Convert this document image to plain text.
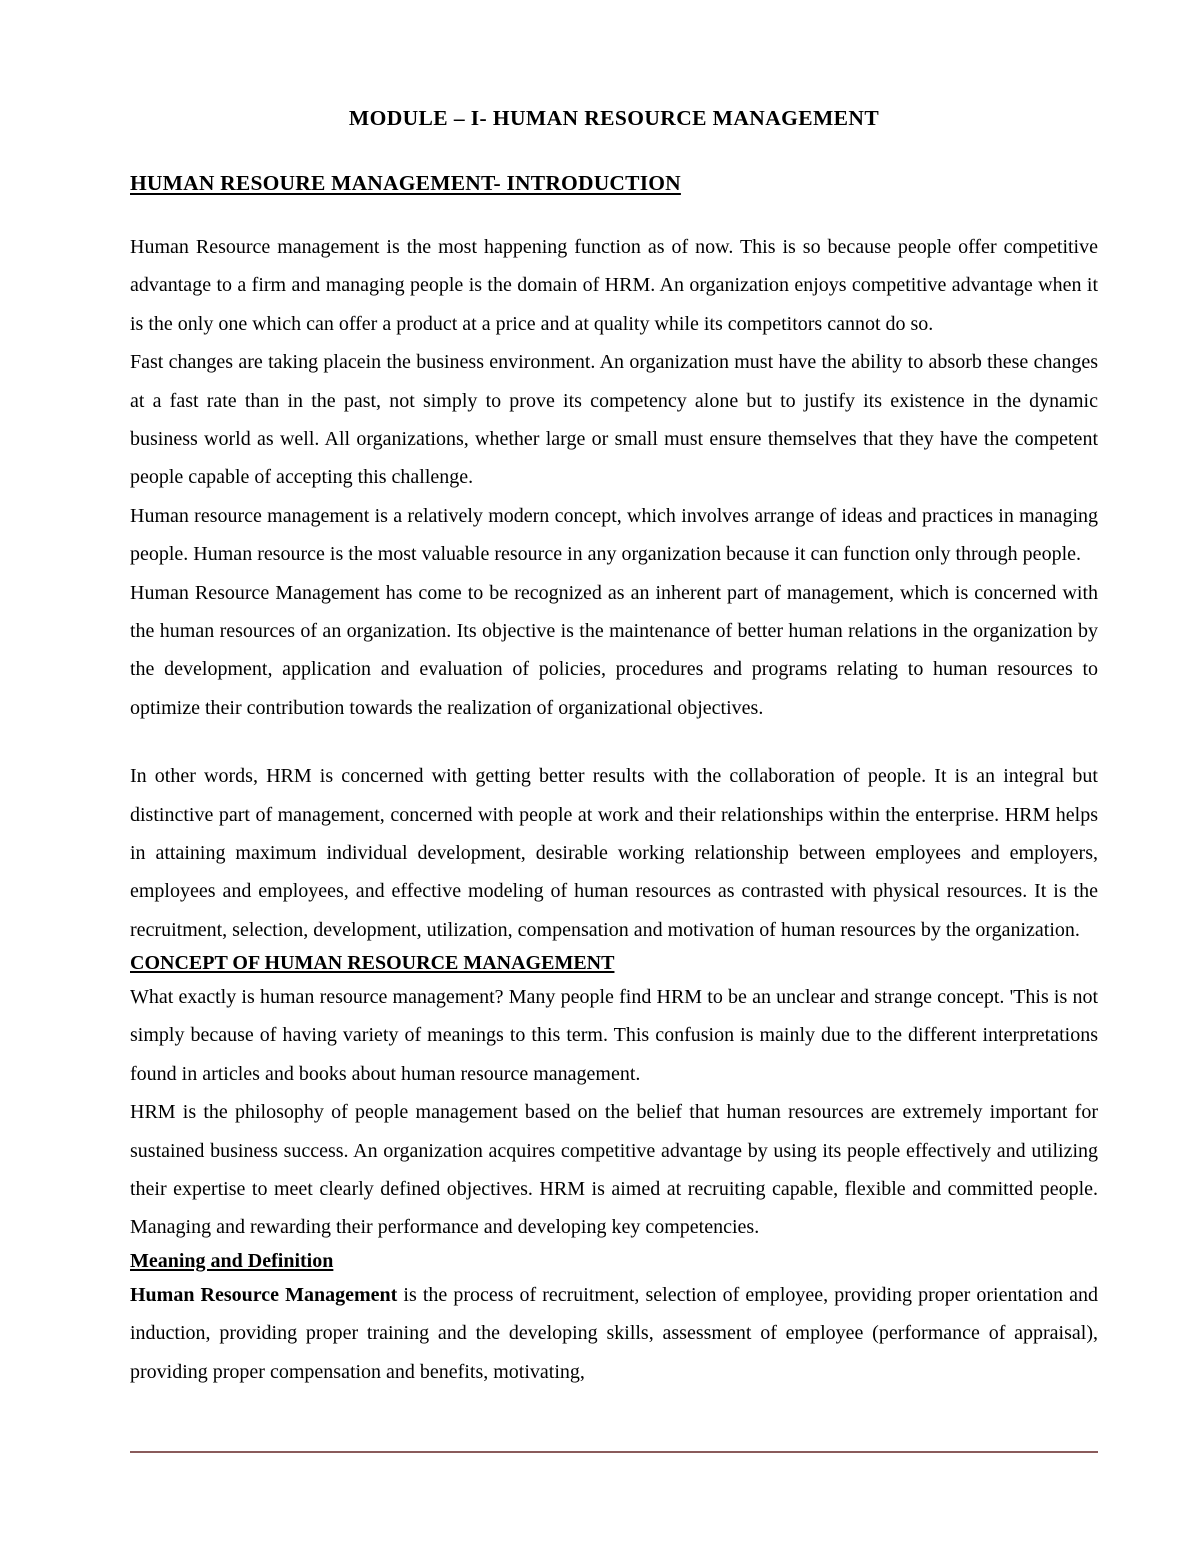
MODULE – I- HUMAN RESOURCE MANAGEMENT
HUMAN RESOURE MANAGEMENT- INTRODUCTION

Human Resource management is the most happening function as of now. This is so because people offer competitive advantage to a firm and managing people is the domain of HRM. An organization enjoys competitive advantage when it is the only one which can offer a product at a price and at quality while its competitors cannot do so.

Fast changes are taking placein the business environment. An organization must have the ability to absorb these changes at a fast rate than in the past, not simply to prove its competency alone but to justify its existence in the dynamic business world as well. All organizations, whether large or small must ensure themselves that they have the competent people capable of accepting this challenge.

Human resource management is a relatively modern concept, which involves arrange of ideas and practices in managing people. Human resource is the most valuable resource in any organization because it can function only through people.

Human Resource Management has come to be recognized as an inherent part of management, which is concerned with the human resources of an organization. Its objective is the maintenance of better human relations in the organization by the development, application and evaluation of policies, procedures and programs relating to human resources to optimize their contribution towards the realization of organizational objectives.

In other words, HRM is concerned with getting better results with the collaboration of people. It is an integral but distinctive part of management, concerned with people at work and their relationships within the enterprise. HRM helps in attaining maximum individual development, desirable working relationship between employees and employers, employees and employees, and effective modeling of human resources as contrasted with physical resources. It is the recruitment, selection, development, utilization, compensation and motivation of human resources by the organization.

CONCEPT OF HUMAN RESOURCE MANAGEMENT

What exactly is human resource management? Many people find HRM to be an unclear and strange concept. 'This is not simply because of having variety of meanings to this term. This confusion is mainly due to the different interpretations found in articles and books about human resource management.

HRM is the philosophy of people management based on the belief that human resources are extremely important for sustained business success. An organization acquires competitive advantage by using its people effectively and utilizing their expertise to meet clearly defined objectives. HRM is aimed at recruiting capable, flexible and committed people. Managing and rewarding their performance and developing key competencies.

Meaning and Definition

Human Resource Management is the process of recruitment, selection of employee, providing proper orientation and induction, providing proper training and the developing skills, assessment of employee (performance of appraisal), providing proper compensation and benefits, motivating,
